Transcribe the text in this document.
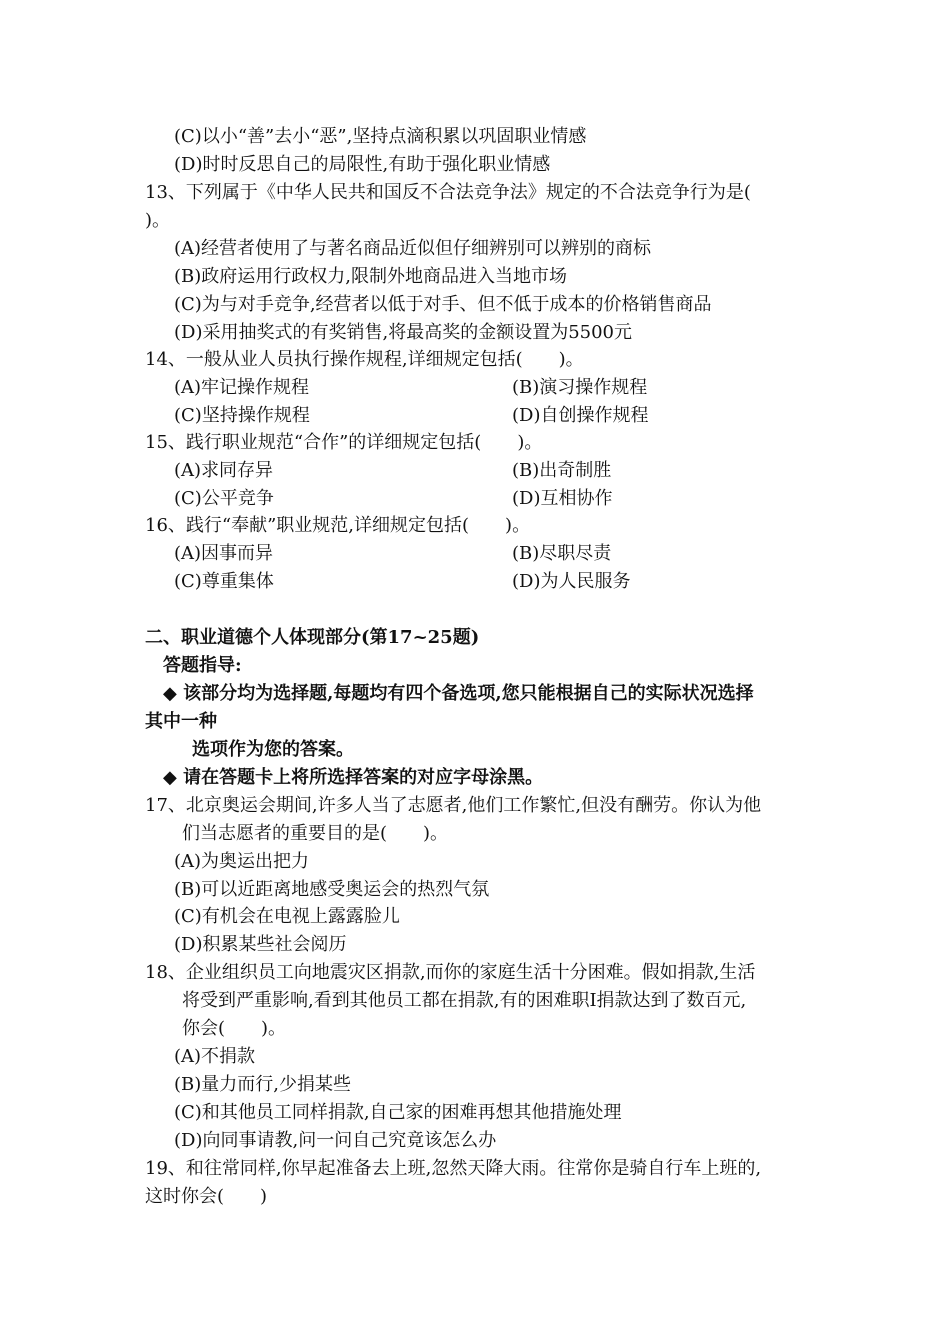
(C)以小“善”去小“恶”,坚持点滴积累以巩固职业情感
(D)时时反思自己的局限性,有助于强化职业情感
13、下列属于《中华人民共和国反不合法竞争法》规定的不合法竞争行为是(
)。
(A)经营者使用了与著名商品近似但仔细辨别可以辨别的商标
(B)政府运用行政权力,限制外地商品进入当地市场
(C)为与对手竞争,经营者以低于对手、但不低于成本的价格销售商品
(D)采用抽奖式的有奖销售,将最高奖的金额设置为5500元
14、一般从业人员执行操作规程,详细规定包括(　　)。
(A)牢记操作规程	(B)演习操作规程
(C)坚持操作规程	(D)自创操作规程
15、践行职业规范“合作”的详细规定包括(　　)。
(A)求同存异	(B)出奇制胜
(C)公平竞争	(D)互相协作
16、践行“奉献”职业规范,详细规定包括(　　)。
(A)因事而异	(B)尽职尽责
(C)尊重集体	(D)为人民服务
二、职业道德个人体现部分(第17~25题)
答题指导:
◆ 该部分均为选择题,每题均有四个备选项,您只能根据自己的实际状况选择
其中一种
选项作为您的答案。
◆ 请在答题卡上将所选择答案的对应字母涂黑。
17、北京奥运会期间,许多人当了志愿者,他们工作繁忙,但没有酬劳。你认为他
们当志愿者的重要目的是(　　)。
(A)为奥运出把力
(B)可以近距离地感受奥运会的热烈气氛
(C)有机会在电视上露露脸儿
(D)积累某些社会阅历
18、企业组织员工向地震灾区捐款,而你的家庭生活十分困难。假如捐款,生活
将受到严重影响,看到其他员工都在捐款,有的困难职Ⅰ捐款达到了数百元,
你会(　　)。
(A)不捐款
(B)量力而行,少捐某些
(C)和其他员工同样捐款,自己家的困难再想其他措施处理
(D)向同事请教,问一问自己究竟该怎么办
19、和往常同样,你早起准备去上班,忽然天降大雨。往常你是骑自行车上班的,
这时你会(　　)
